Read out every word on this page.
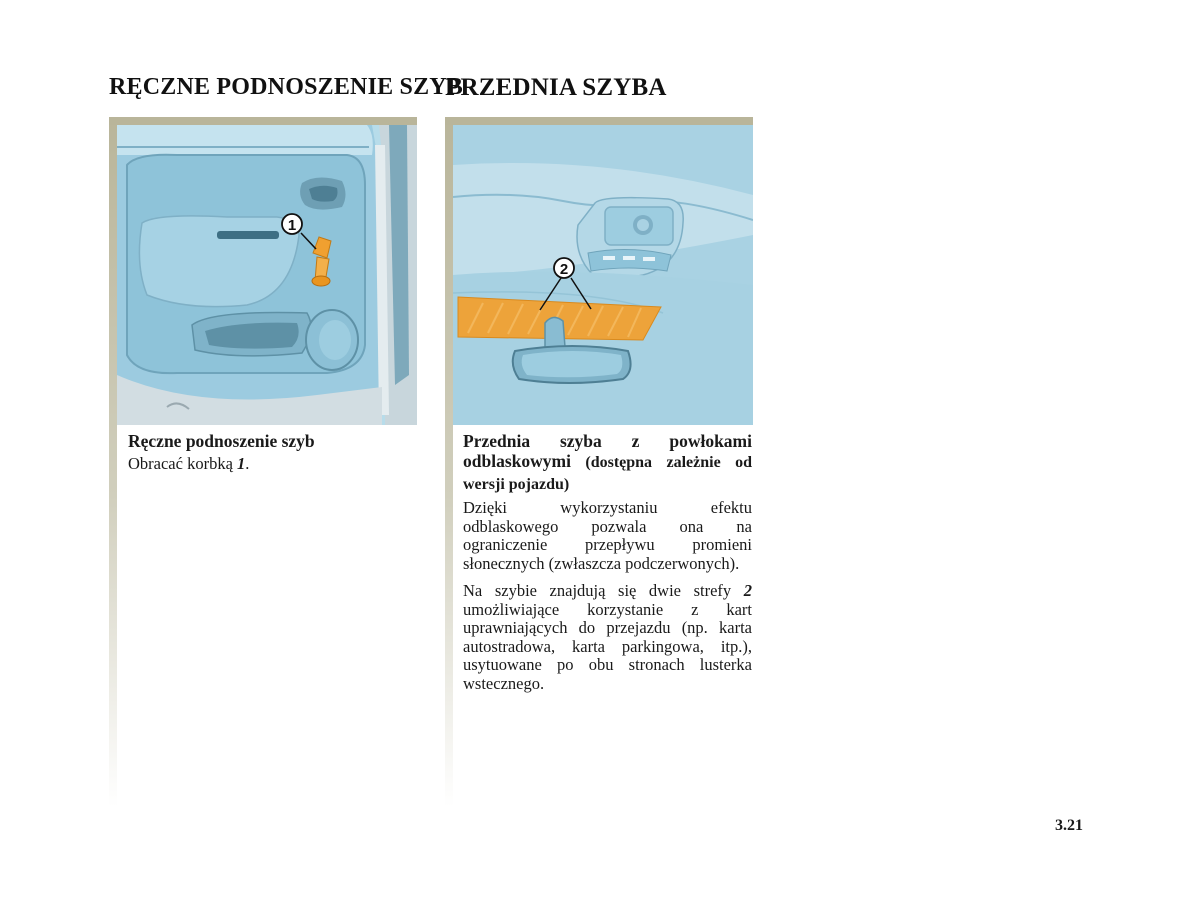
RĘCZNE PODNOSZENIE SZYB
PRZEDNIA SZYBA
1
2
Ręczne podnoszenie szyb
Obracać korbką 1.
Przednia szyba z powłokami odblaskowymi (dostępna zależnie od wersji pojazdu)

Dzięki wykorzystaniu efektu odblaskowego pozwala ona na ograniczenie przepływu promieni słonecznych (zwłaszcza podczerwonych).

Na szybie znajdują się dwie strefy 2 umożliwiające korzystanie z kart uprawniających do przejazdu (np. karta autostradowa, karta parkingowa, itp.), usytuowane po obu stronach lusterka wstecznego.

3.21
